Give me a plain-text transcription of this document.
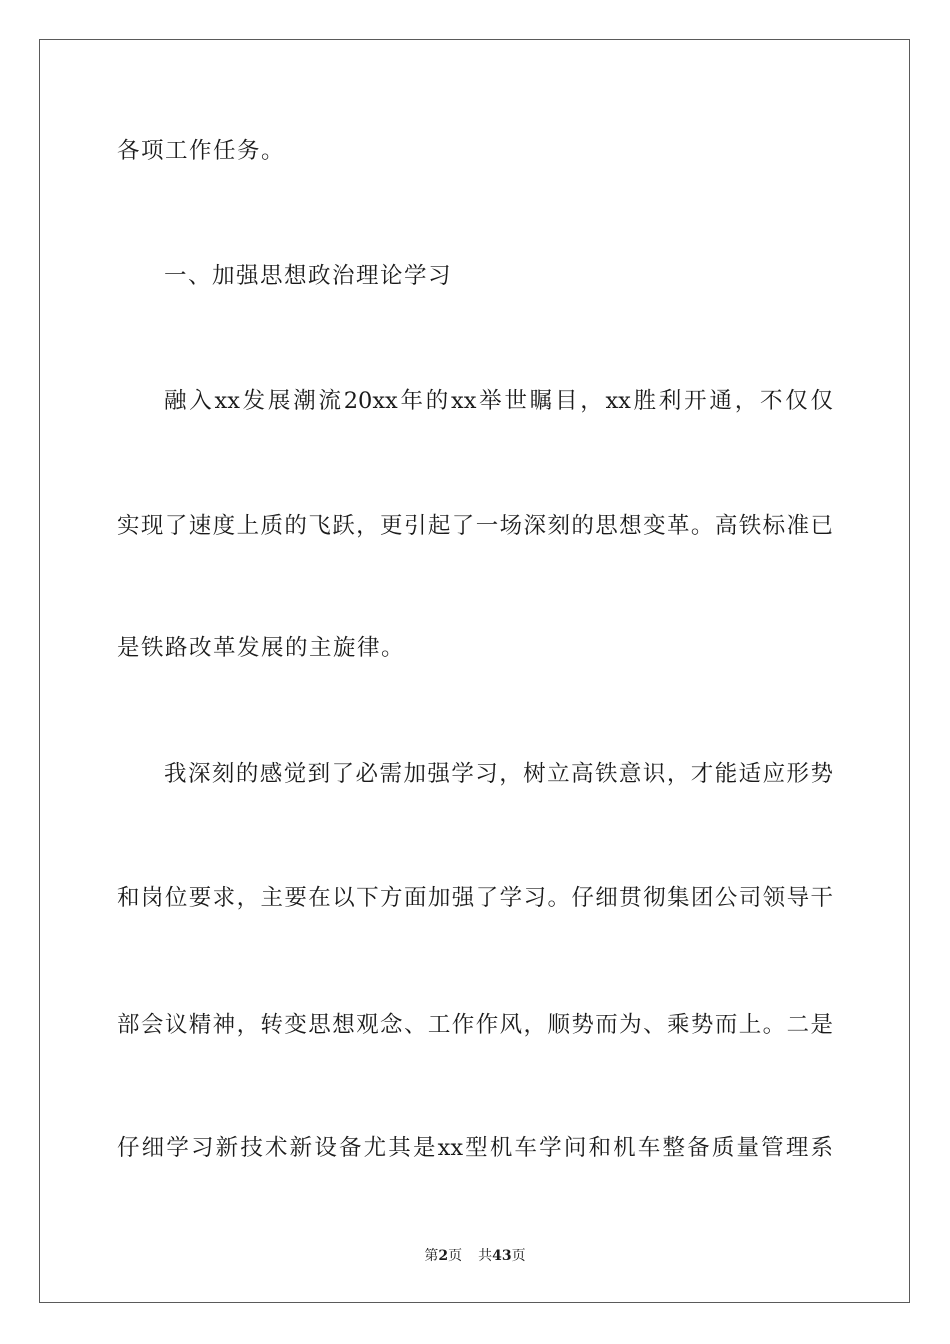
各项工作任务。
一、加强思想政治理论学习
融入xx发展潮流20xx年的xx举世瞩目，xx胜利开通，不仅仅
实现了速度上质的飞跃，更引起了一场深刻的思想变革。高铁标准已
是铁路改革发展的主旋律。
我深刻的感觉到了必需加强学习，树立高铁意识，才能适应形势
和岗位要求，主要在以下方面加强了学习。仔细贯彻集团公司领导干
部会议精神，转变思想观念、工作作风，顺势而为、乘势而上。二是
仔细学习新技术新设备尤其是xx型机车学问和机车整备质量管理系
第2页 共43页
